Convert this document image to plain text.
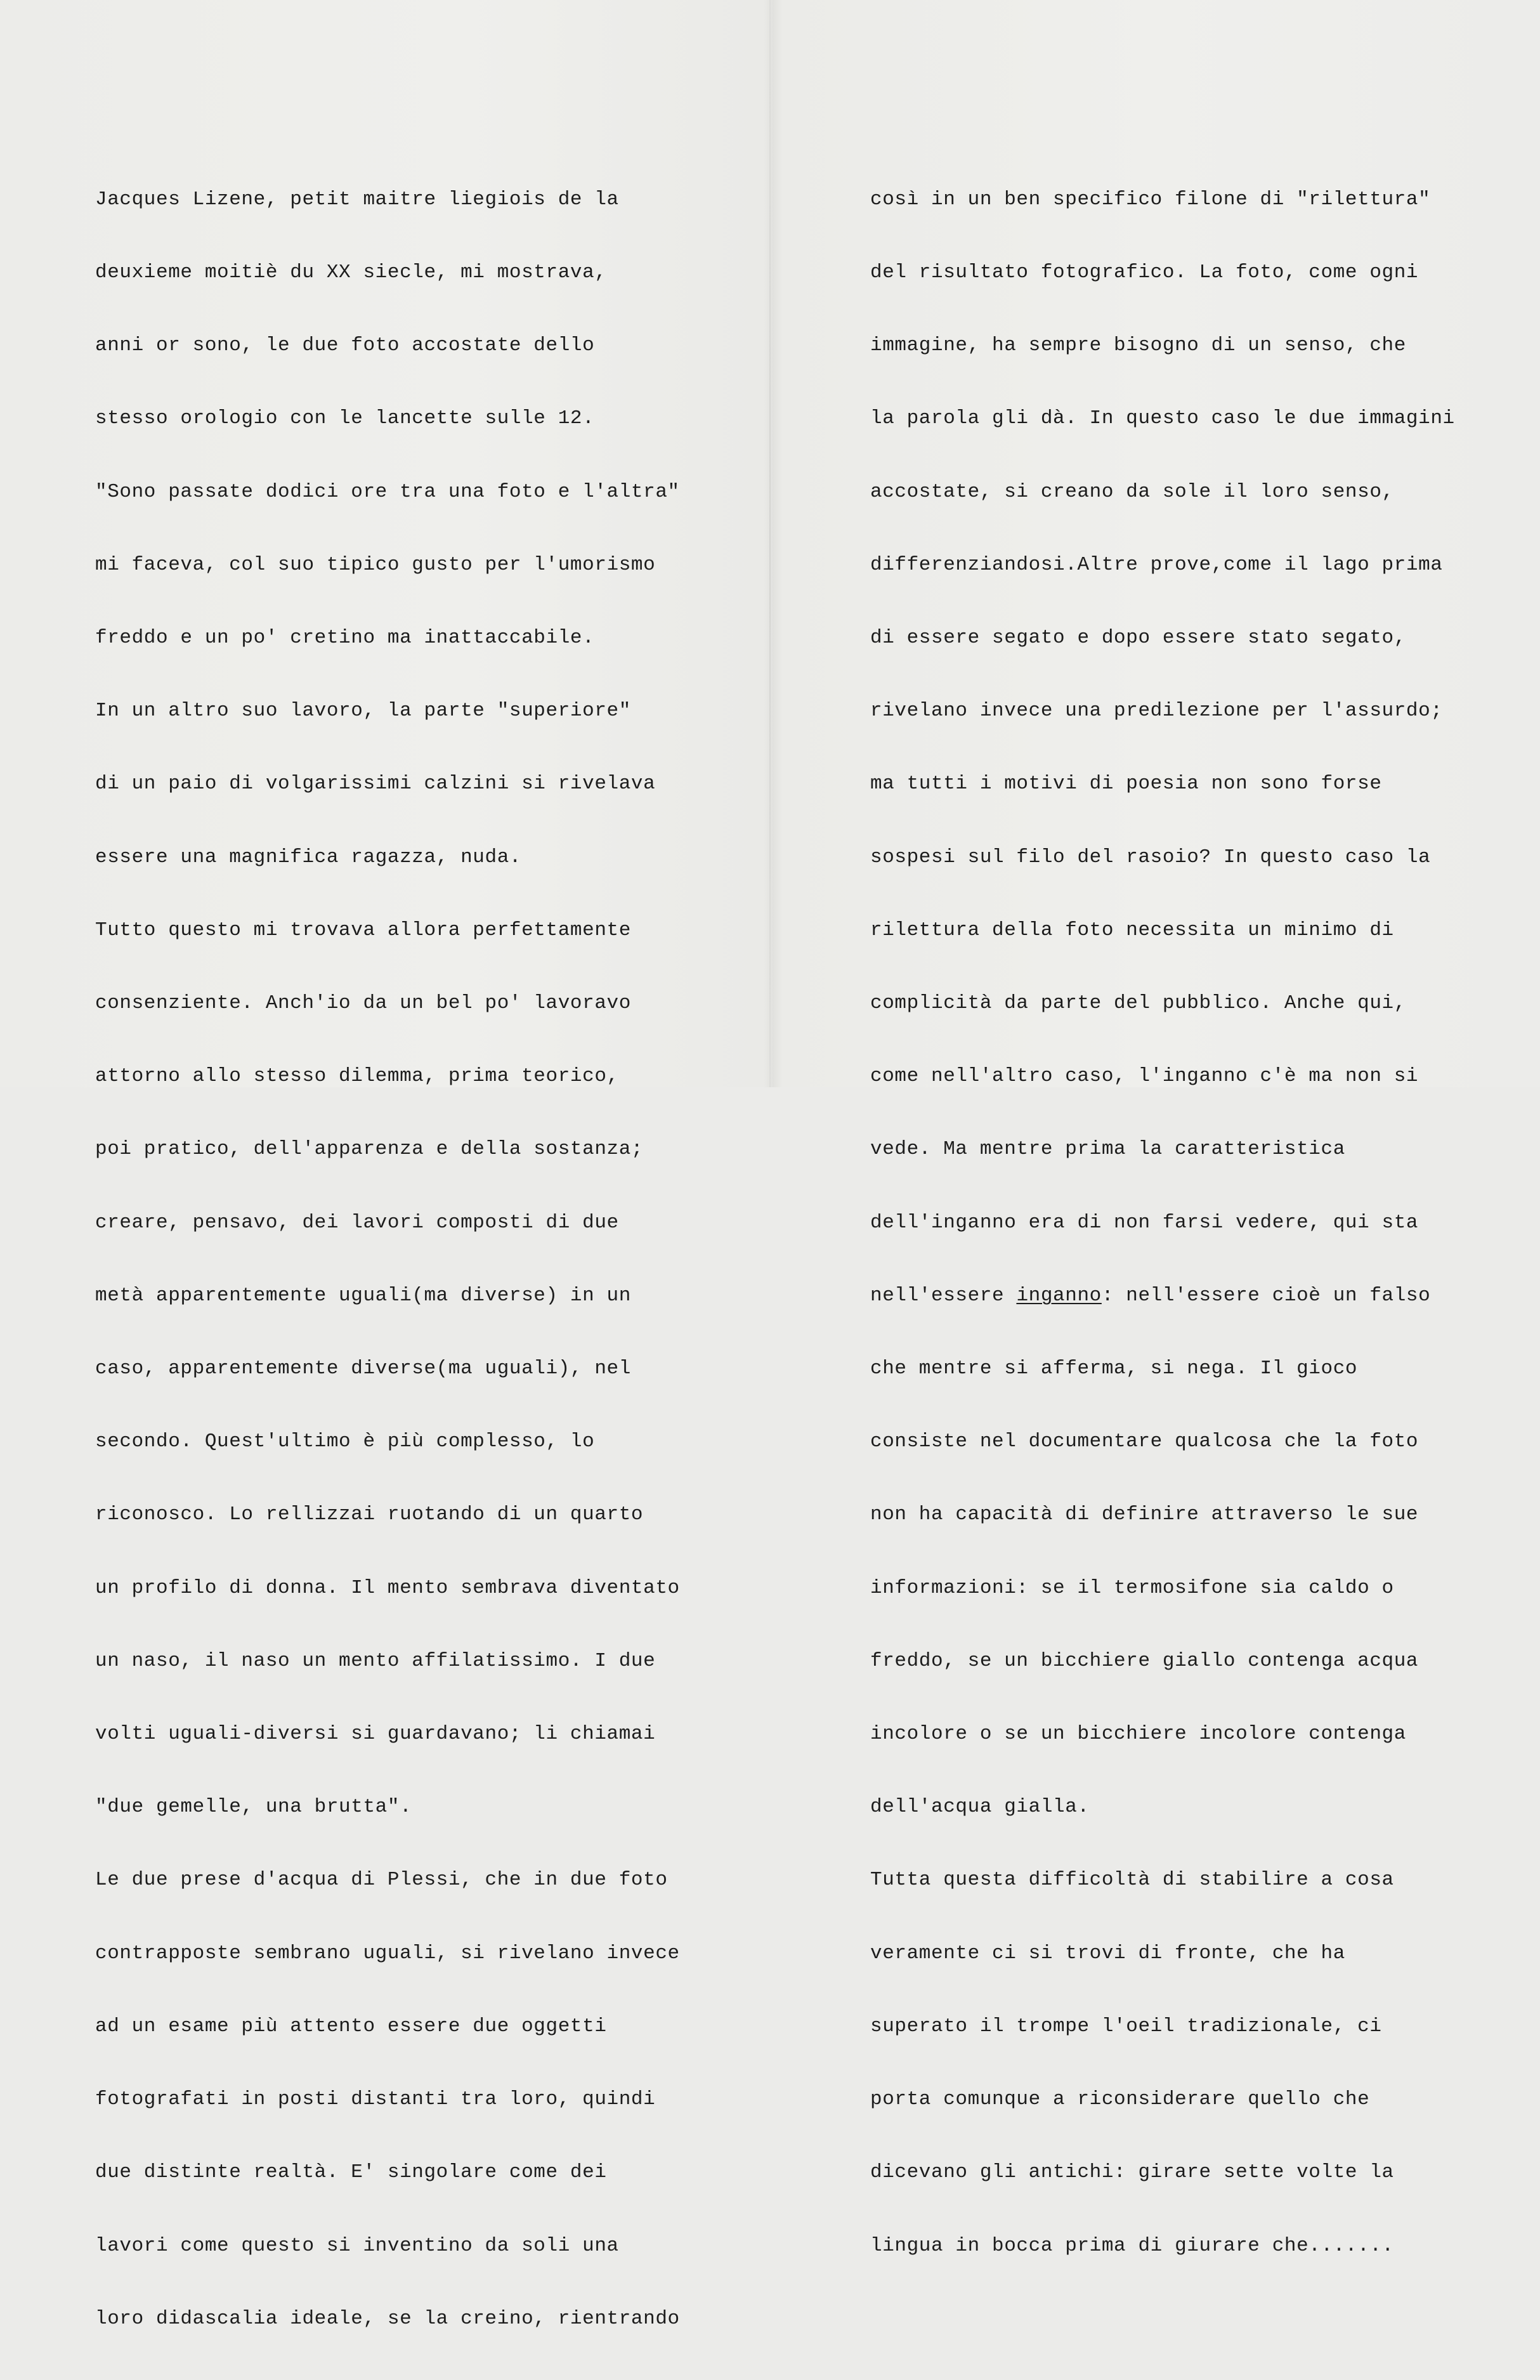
Jacques Lizene, petit maitre liegiois de la

deuxieme moitiè du XX siecle, mi mostrava,

anni or sono, le due foto accostate dello

stesso orologio con le lancette sulle 12.

"Sono passate dodici ore tra una foto e l'altra"

mi faceva, col suo tipico gusto per l'umorismo

freddo e un po' cretino ma inattaccabile.

In un altro suo lavoro, la parte "superiore"

di un paio di volgarissimi calzini si rivelava

essere una magnifica ragazza, nuda.

Tutto questo mi trovava allora perfettamente

consenziente. Anch'io da un bel po' lavoravo

attorno allo stesso dilemma, prima teorico,

poi pratico, dell'apparenza e della sostanza;

creare, pensavo, dei lavori composti di due

metà apparentemente uguali(ma diverse) in un

caso, apparentemente diverse(ma uguali), nel

secondo. Quest'ultimo è più complesso, lo

riconosco. Lo rellizzai ruotando di un quarto

un profilo di donna. Il mento sembrava diventato

un naso, il naso un mento affilatissimo. I due

volti uguali-diversi si guardavano; li chiamai

"due gemelle, una brutta".

Le due prese d'acqua di Plessi, che in due foto

contrapposte sembrano uguali, si rivelano invece

ad un esame più attento essere due oggetti

fotografati in posti distanti tra loro, quindi

due distinte realtà. E' singolare come dei

lavori come questo si inventino da soli una

loro didascalia ideale, se la creino, rientrando

così in un ben specifico filone di "rilettura"

del risultato fotografico. La foto, come ogni

immagine, ha sempre bisogno di un senso, che

la parola gli dà. In questo caso le due immagini

accostate, si creano da sole il loro senso,

differenziandosi.Altre prove,come il lago prima

di essere segato e dopo essere stato segato,

rivelano invece una predilezione per l'assurdo;

ma tutti i motivi di poesia non sono forse

sospesi sul filo del rasoio? In questo caso la

rilettura della foto necessita un minimo di

complicità da parte del pubblico. Anche qui,

come nell'altro caso, l'inganno c'è ma non si

vede. Ma mentre prima la caratteristica

dell'inganno era di non farsi vedere, qui sta

nell'essere inganno: nell'essere cioè un falso

che mentre si afferma, si nega. Il gioco

consiste nel documentare qualcosa che la foto

non ha capacità di definire attraverso le sue

informazioni: se il termosifone sia caldo o

freddo, se un bicchiere giallo contenga acqua

incolore o se un bicchiere incolore contenga

dell'acqua gialla.

Tutta questa difficoltà di stabilire a cosa

veramente ci si trovi di fronte, che ha

superato il trompe l'oeil tradizionale, ci

porta comunque a riconsiderare quello che

dicevano gli antichi: girare sette volte la

lingua in bocca prima di giurare che.......
